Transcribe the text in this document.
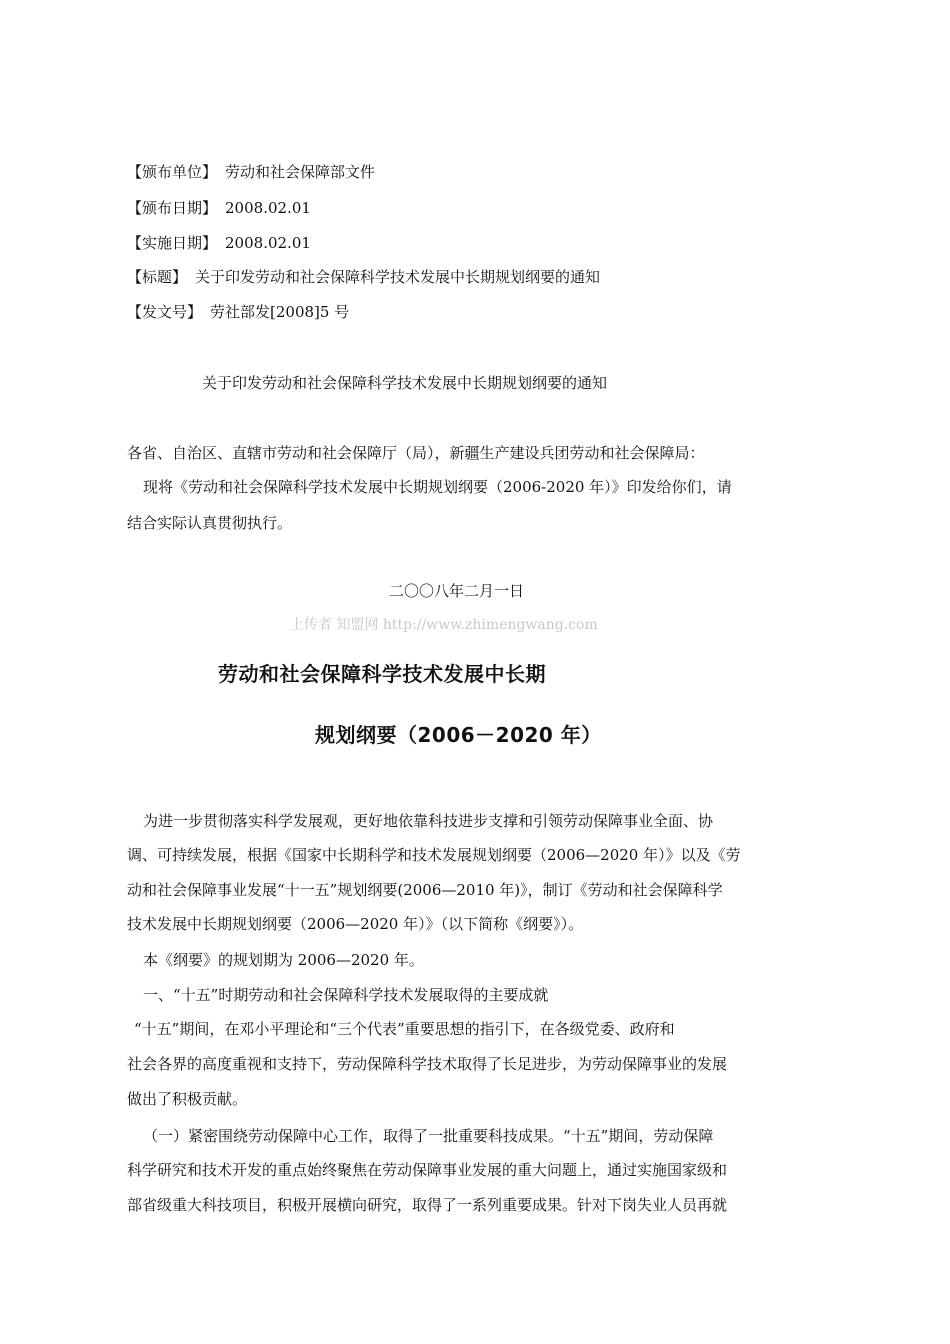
【颁布单位】 劳动和社会保障部文件
【颁布日期】 2008.02.01
【实施日期】 2008.02.01
【标题】 关于印发劳动和社会保障科学技术发展中长期规划纲要的通知
【发文号】 劳社部发[2008]5 号
关于印发劳动和社会保障科学技术发展中长期规划纲要的通知
各省、自治区、直辖市劳动和社会保障厅（局），新疆生产建设兵团劳动和社会保障局：
现将《劳动和社会保障科学技术发展中长期规划纲要（2006-2020 年）》印发给你们，请
结合实际认真贯彻执行。
二〇〇八年二月一日
上传者 知盟网 http://www.zhimengwang.com
劳动和社会保障科学技术发展中长期
规划纲要（2006－2020 年）
为进一步贯彻落实科学发展观，更好地依靠科技进步支撑和引领劳动保障事业全面、协
调、可持续发展，根据《国家中长期科学和技术发展规划纲要（2006—2020 年）》以及《劳
动和社会保障事业发展“十一五”规划纲要(2006—2010 年)》，制订《劳动和社会保障科学
技术发展中长期规划纲要（2006—2020 年）》（以下简称《纲要》）。
本《纲要》的规划期为 2006—2020 年。
一、“十五”时期劳动和社会保障科学技术发展取得的主要成就
“十五”期间，在邓小平理论和“三个代表”重要思想的指引下，在各级党委、政府和
社会各界的高度重视和支持下，劳动保障科学技术取得了长足进步，为劳动保障事业的发展
做出了积极贡献。
（一）紧密围绕劳动保障中心工作，取得了一批重要科技成果。“十五”期间，劳动保障
科学研究和技术开发的重点始终聚焦在劳动保障事业发展的重大问题上，通过实施国家级和
部省级重大科技项目，积极开展横向研究，取得了一系列重要成果。针对下岗失业人员再就
